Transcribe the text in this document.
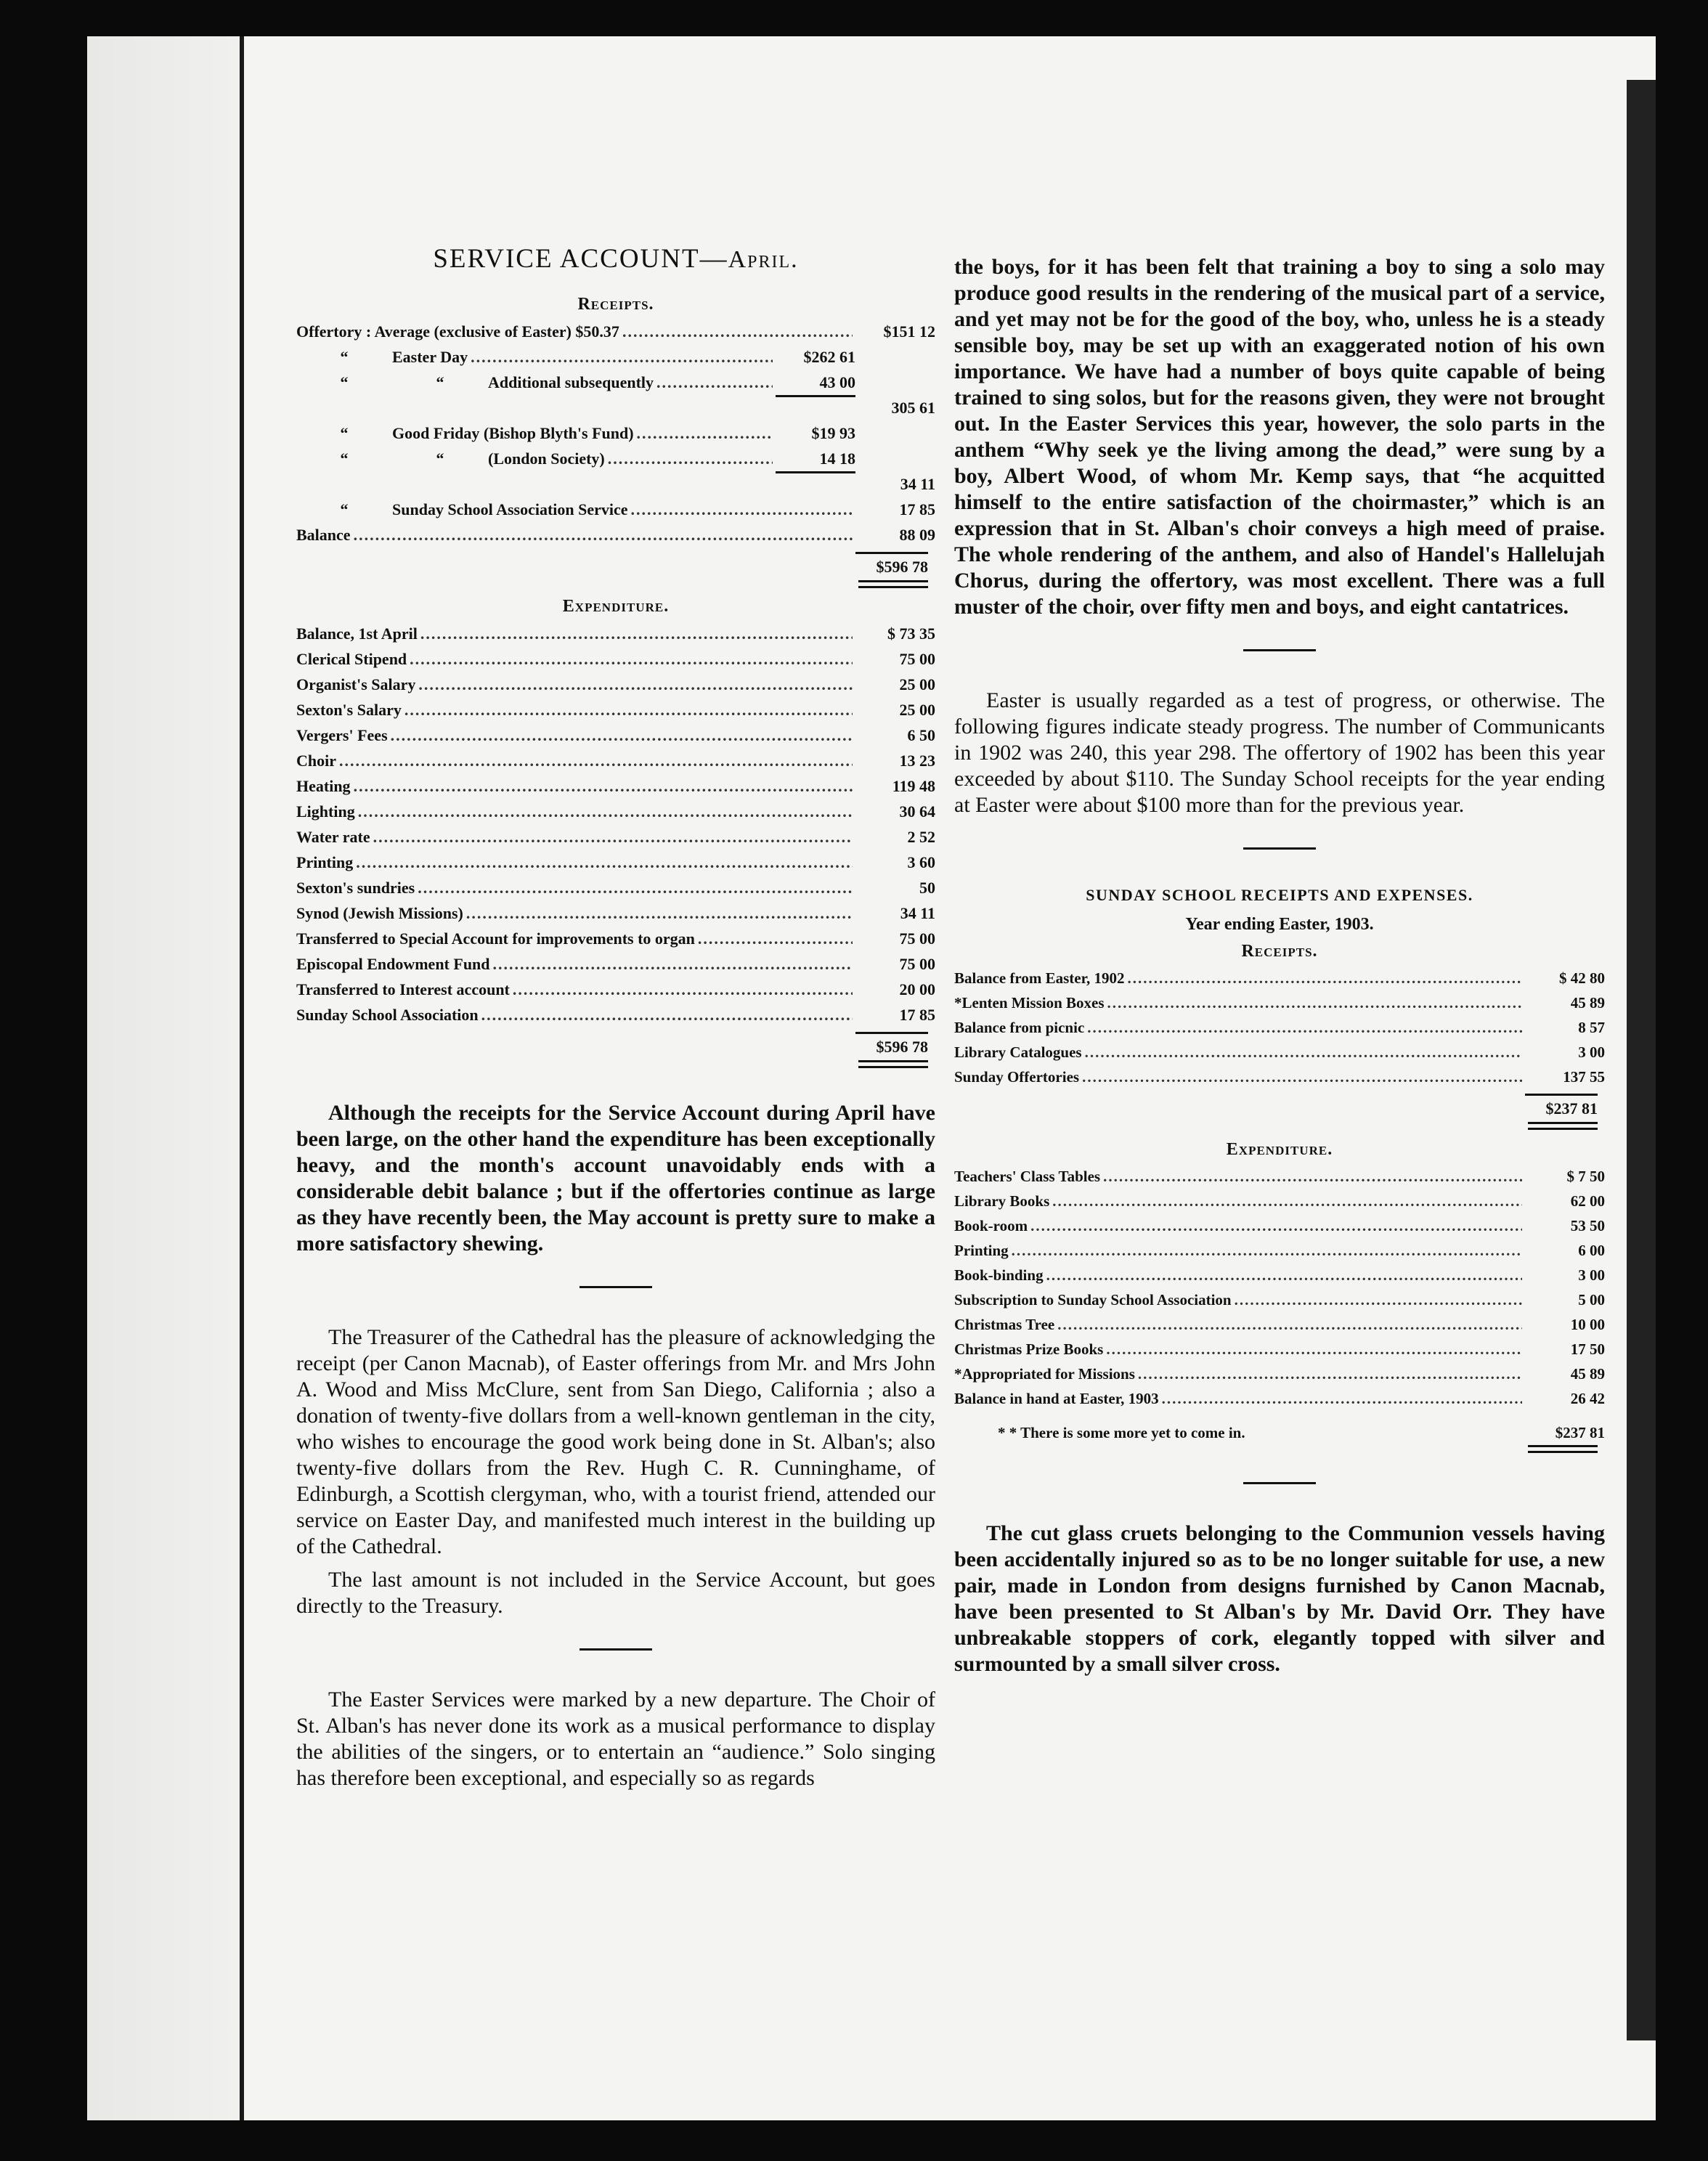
SERVICE ACCOUNT—April.
Receipts.
Offertory : Average (exclusive of Easter) $50.37 .....	$151 12
“	Easter Day .....	$262 61
“	“	Additional subsequently .....	43 00

305 61
“	Good Friday (Bishop Blyth's Fund) .....	$19 93
“	“	(London Society) .....	14 18

34 11
“	Sunday School Association Service .....	17 85
Balance .....	88 09
$596 78
Expenditure.
Balance, 1st April .....	$ 73 35
Clerical Stipend .....	75 00
Organist's Salary .....	25 00
Sexton's Salary .....	25 00
Vergers' Fees .....	6 50
Choir .....	13 23
Heating .....	119 48
Lighting .....	30 64
Water rate .....	2 52
Printing .....	3 60
Sexton's sundries .....	50
Synod (Jewish Missions) .....	34 11
Transferred to Special Account for improvements to organ .....	75 00
Episcopal Endowment Fund .....	75 00
Transferred to Interest account .....	20 00
Sunday School Association .....	17 85
$596 78

Although the receipts for the Service Account during April have been large, on the other hand the expenditure has been exceptionally heavy, and the month's account unavoidably ends with a considerable debit balance ; but if the offertories continue as large as they have recently been, the May account is pretty sure to make a more satisfactory shewing.

The Treasurer of the Cathedral has the pleasure of acknowledging the receipt (per Canon Macnab), of Easter offerings from Mr. and Mrs John A. Wood and Miss McClure, sent from San Diego, California ; also a donation of twenty-five dollars from a well-known gentleman in the city, who wishes to encourage the good work being done in St. Alban's; also twenty-five dollars from the Rev. Hugh C. R. Cunninghame, of Edinburgh, a Scottish clergyman, who, with a tourist friend, attended our service on Easter Day, and manifested much interest in the building up of the Cathedral.

The last amount is not included in the Service Account, but goes directly to the Treasury.

The Easter Services were marked by a new departure. The Choir of St. Alban's has never done its work as a musical performance to display the abilities of the singers, or to entertain an “audience.” Solo singing has therefore been exceptional, and especially so as regards

the boys, for it has been felt that training a boy to sing a solo may produce good results in the rendering of the musical part of a service, and yet may not be for the good of the boy, who, unless he is a steady sensible boy, may be set up with an exaggerated notion of his own importance. We have had a number of boys quite capable of being trained to sing solos, but for the reasons given, they were not brought out. In the Easter Services this year, however, the solo parts in the anthem “Why seek ye the living among the dead,” were sung by a boy, Albert Wood, of whom Mr. Kemp says, that “he acquitted himself to the entire satisfaction of the choirmaster,” which is an expression that in St. Alban's choir conveys a high meed of praise. The whole rendering of the anthem, and also of Handel's Hallelujah Chorus, during the offertory, was most excellent. There was a full muster of the choir, over fifty men and boys, and eight cantatrices.

Easter is usually regarded as a test of progress, or otherwise. The following figures indicate steady progress. The number of Communicants in 1902 was 240, this year 298. The offertory of 1902 has been this year exceeded by about $110. The Sunday School receipts for the year ending at Easter were about $100 more than for the previous year.

SUNDAY SCHOOL RECEIPTS AND EXPENSES.
Year ending Easter, 1903.
Receipts.
Balance from Easter, 1902 .....	$ 42 80
*Lenten Mission Boxes .....	45 89
Balance from picnic .....	8 57
Library Catalogues .....	3 00
Sunday Offertories .....	137 55
$237 81
Expenditure.
Teachers' Class Tables .....	$ 7 50
Library Books .....	62 00
Book-room .....	53 50
Printing .....	6 00
Book-binding .....	3 00
Subscription to Sunday School Association .....	5 00
Christmas Tree .....	10 00
Christmas Prize Books .....	17 50
*Appropriated for Missions .....	45 89
Balance in hand at Easter, 1903 .....	26 42
* * There is some more yet to come in.	$237 81

The cut glass cruets belonging to the Communion vessels having been accidentally injured so as to be no longer suitable for use, a new pair, made in London from designs furnished by Canon Macnab, have been presented to St Alban's by Mr. David Orr. They have unbreakable stoppers of cork, elegantly topped with silver and surmounted by a small silver cross.
